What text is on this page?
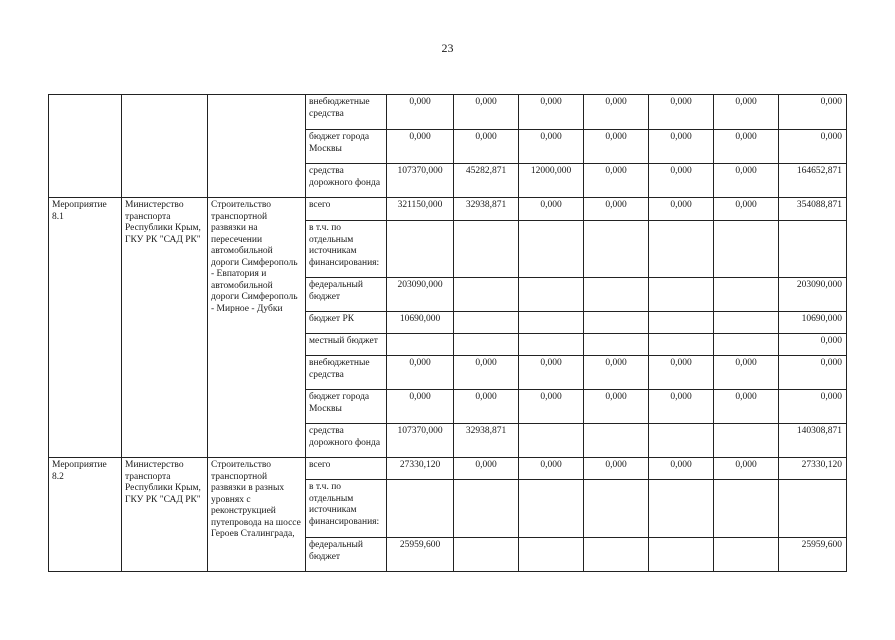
23
			внебюджетные средства	0,000	0,000	0,000	0,000	0,000	0,000	0,000
			бюджет города Москвы	0,000	0,000	0,000	0,000	0,000	0,000	0,000
			средства дорожного фонда	107370,000	45282,871	12000,000	0,000	0,000	0,000	164652,871
Мероприятие 8.1	Министерство транспорта Республики Крым, ГКУ РК "САД РК"	Строительство транспортной развязки на пересечении автомобильной дороги Симферополь - Евпатория и автомобильной дороги Симферополь - Мирное - Дубки	всего	321150,000	32938,871	0,000	0,000	0,000	0,000	354088,871
			в т.ч. по отдельным источникам финансирования:							
			федеральный бюджет	203090,000						203090,000
			бюджет РК	10690,000						10690,000
			местный бюджет							0,000
			внебюджетные средства	0,000	0,000	0,000	0,000	0,000	0,000	0,000
			бюджет города Москвы	0,000	0,000	0,000	0,000	0,000	0,000	0,000
			средства дорожного фонда	107370,000	32938,871					140308,871
Мероприятие 8.2	Министерство транспорта Республики Крым, ГКУ РК "САД РК"	Строительство транспортной развязки в разных уровнях с реконструкцией путепровода на шоссе Героев Сталинграда,	всего	27330,120	0,000	0,000	0,000	0,000	0,000	27330,120
			в т.ч. по отдельным источникам финансирования:							
			федеральный бюджет	25959,600						25959,600
